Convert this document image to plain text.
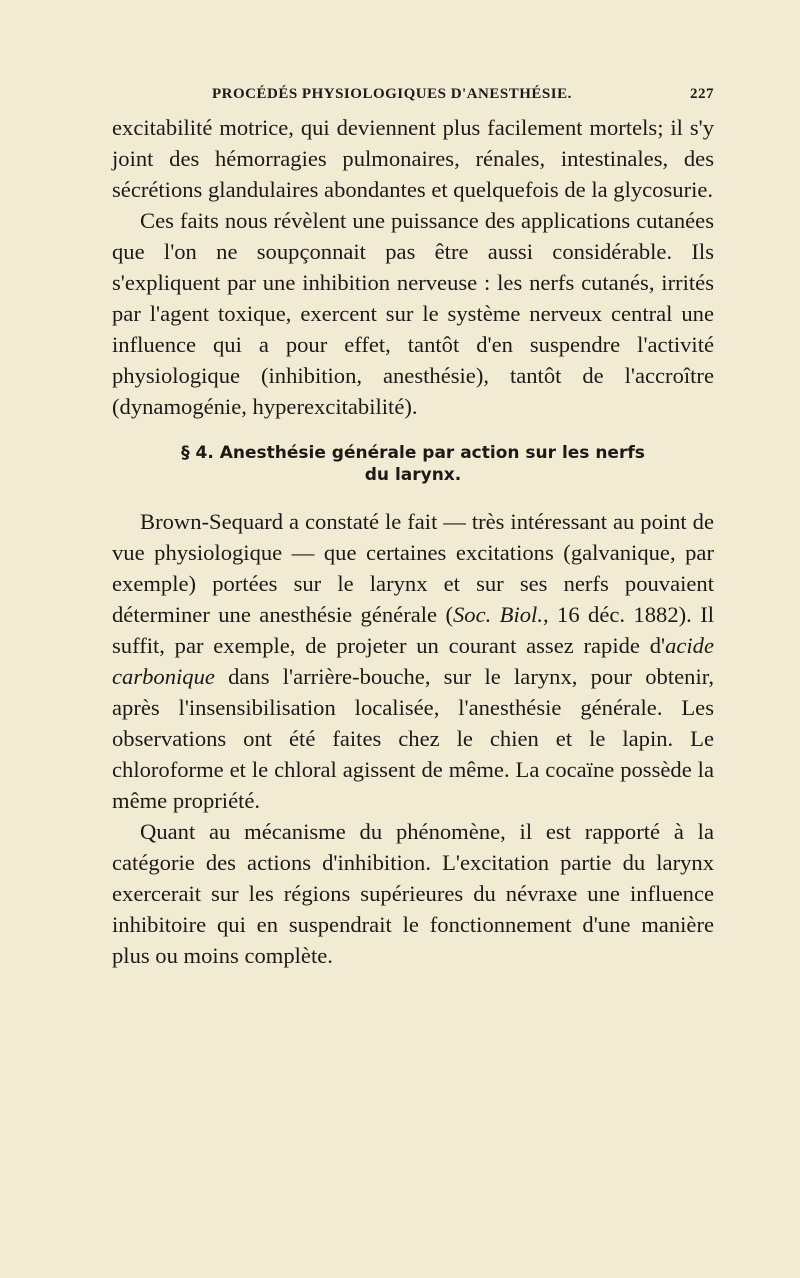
PROCÉDÉS PHYSIOLOGIQUES D'ANESTHÉSIE.	227

excitabilité motrice, qui deviennent plus facilement mortels; il s'y joint des hémorragies pulmonaires, rénales, intestinales, des sécrétions glandulaires abondantes et quelquefois de la glycosurie.

Ces faits nous révèlent une puissance des applications cutanées que l'on ne soupçonnait pas être aussi considérable. Ils s'expliquent par une inhibition nerveuse : les nerfs cutanés, irrités par l'agent toxique, exercent sur le système nerveux central une influence qui a pour effet, tantôt d'en suspendre l'activité physiologique (inhibition, anesthésie), tantôt de l'accroître (dynamogénie, hyperexcitabilité).

§ 4. Anesthésie générale par action sur les nerfs
du larynx.

Brown-Sequard a constaté le fait — très intéressant au point de vue physiologique — que certaines excitations (galvanique, par exemple) portées sur le larynx et sur ses nerfs pouvaient déterminer une anesthésie générale (Soc. Biol., 16 déc. 1882). Il suffit, par exemple, de projeter un courant assez rapide d'acide carbonique dans l'arrière-bouche, sur le larynx, pour obtenir, après l'insensibilisation localisée, l'anesthésie générale. Les observations ont été faites chez le chien et le lapin. Le chloroforme et le chloral agissent de même. La cocaïne possède la même propriété.

Quant au mécanisme du phénomène, il est rapporté à la catégorie des actions d'inhibition. L'excitation partie du larynx exercerait sur les régions supérieures du névraxe une influence inhibitoire qui en suspendrait le fonctionnement d'une manière plus ou moins complète.
